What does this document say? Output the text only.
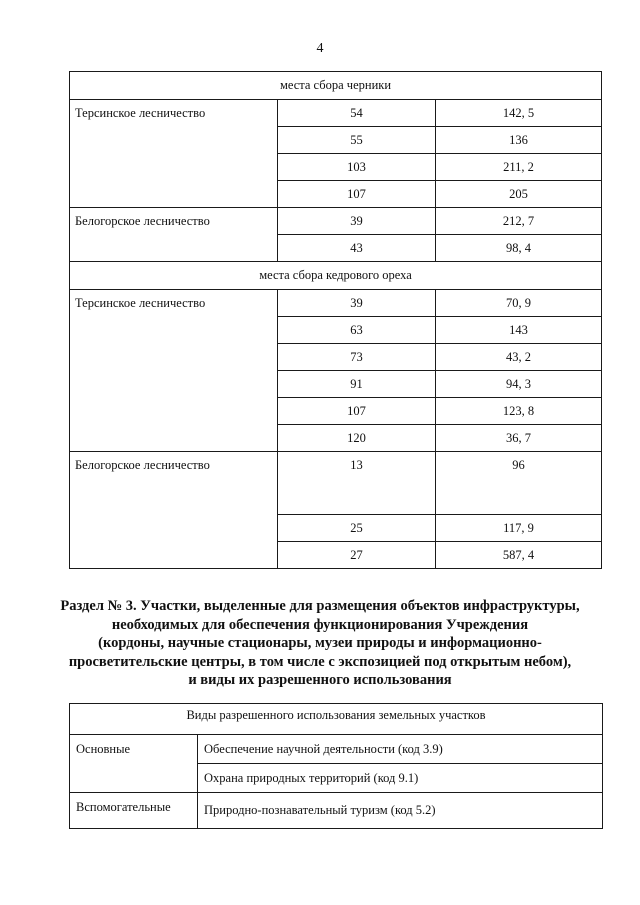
4
места сбора черники		
Терсинское лесничество	54	142, 5
	55	136
	103	211, 2
	107	205
Белогорское лесничество	39	212, 7
	43	98, 4
места сбора кедрового ореха		
Терсинское лесничество	39	70, 9
	63	143
	73	43, 2
	91	94, 3
	107	123, 8
	120	36, 7
Белогорское лесничество	13	96
	25	117, 9
	27	587, 4
Раздел № 3. Участки, выделенные для размещения объектов инфраструктуры,
необходимых для обеспечения функционирования Учреждения
(кордоны, научные стационары, музеи природы и информационно-
просветительские центры, в том числе с экспозицией под открытым небом),
и виды их разрешенного использования
Виды разрешенного использования земельных участков	
Основные	Обеспечение научной деятельности (код 3.9)
	Охрана природных территорий (код 9.1)
Вспомогательные	Природно-познавательный туризм (код 5.2)
